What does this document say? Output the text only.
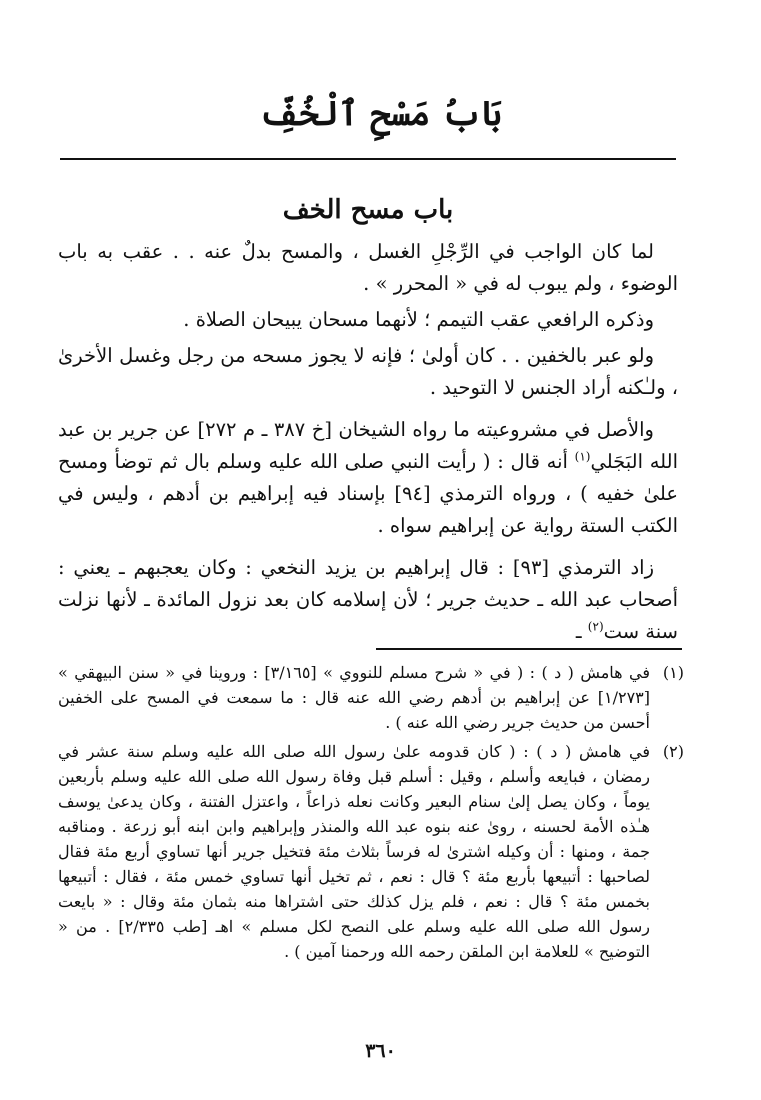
بَابُ مَسْحِ ٱلْخُفِّ
باب مسح الخف

لما كان الواجب في الرِّجْلِ الغسل ، والمسح بدلٌ عنه . . عقب به باب الوضوء ، ولم يبوب له في « المحرر » .

وذكره الرافعي عقب التيمم ؛ لأنهما مسحان يبيحان الصلاة .

ولو عبر بالخفين . . كان أولىٰ ؛ فإنه لا يجوز مسحه من رجل وغسل الأخرىٰ ، ولـٰكنه أراد الجنس لا التوحيد .

والأصل في مشروعيته ما رواه الشيخان [خ ٣٨٧ ـ م ٢٧٢] عن جرير بن عبد الله البَجَلي$^{(١)}$ أنه قال : ( رأيت النبي صلى الله عليه وسلم بال ثم توضأ ومسح علىٰ خفيه ) ، ورواه الترمذي [٩٤] بإسناد فيه إبراهيم بن أدهم ، وليس في الكتب الستة رواية عن إبراهيم سواه .

زاد الترمذي [٩٣] : قال إبراهيم بن يزيد النخعي : وكان يعجبهم ـ يعني : أصحاب عبد الله ـ حديث جرير ؛ لأن إسلامه كان بعد نزول المائدة ـ لأنها نزلت سنة ست$^{(٢)}$ ـ

(١)
في هامش ( د ) : ( في « شرح مسلم للنووي » [٣/١٦٥] : وروينا في « سنن البيهقي » [١/٢٧٣] عن إبراهيم بن أدهم رضي الله عنه قال : ما سمعت في المسح على الخفين أحسن من حديث جرير رضي الله عنه ) .
(٢)
في هامش ( د ) : ( كان قدومه علىٰ رسول الله صلى الله عليه وسلم سنة عشر في رمضان ، فبايعه وأسلم ، وقيل : أسلم قبل وفاة رسول الله صلى الله عليه وسلم بأربعين يوماً ، وكان يصل إلىٰ سنام البعير وكانت نعله ذراعاً ، واعتزل الفتنة ، وكان يدعىٰ يوسف هـٰذه الأمة لحسنه ، روىٰ عنه بنوه عبد الله والمنذر وإبراهيم وابن ابنه أبو زرعة . ومناقبه جمة ، ومنها : أن وكيله اشترىٰ له فرساً بثلاث مئة فتخيل جرير أنها تساوي أربع مئة فقال لصاحبها : أتبيعها بأربع مئة ؟ قال : نعم ، ثم تخيل أنها تساوي خمس مئة ، فقال : أتبيعها بخمس مئة ؟ قال : نعم ، فلم يزل كذلك حتى اشتراها منه بثمان مئة وقال : « بايعت رسول الله صلى الله عليه وسلم على النصح لكل مسلم » اهـ [طب ٢/٣٣٥] . من « التوضيح » للعلامة ابن الملقن رحمه الله ورحمنا آمين ) .
٣٦٠
